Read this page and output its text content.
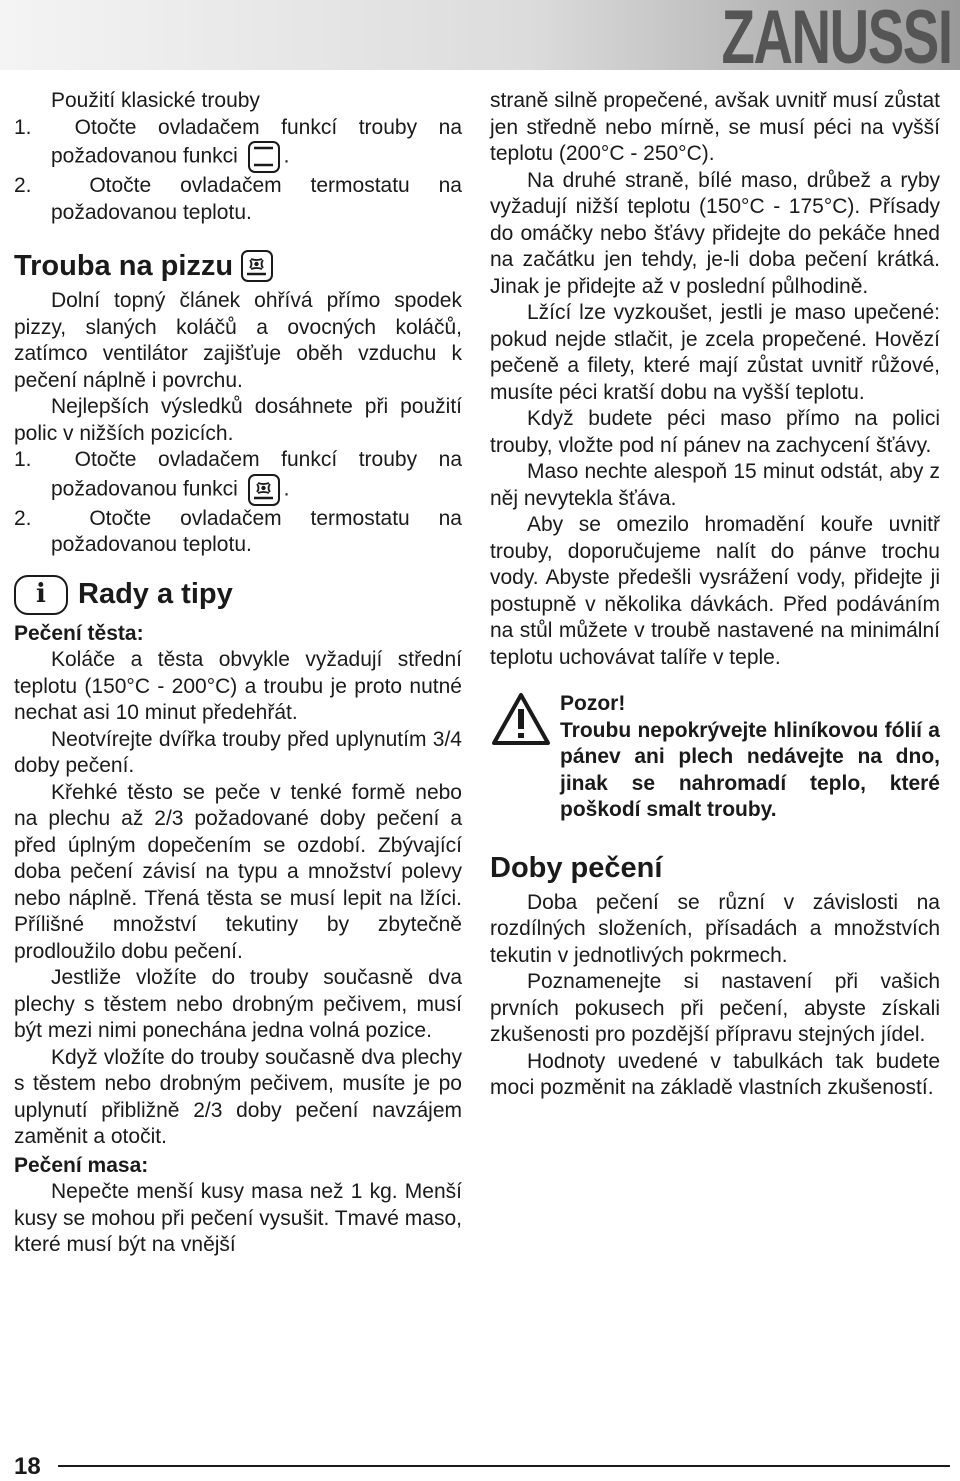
ZANUSSI

Použití klasické trouby

1. Otočte ovladačem funkcí trouby na požadovanou funkci .

2.	Otočte ovladačem termostatu na požadovanou teplotu.

Trouba na pizzu

Dolní topný článek ohřívá přímo spodek pizzy, slaných koláčů a ovocných koláčů, zatímco ventilátor zajišťuje oběh vzduchu k pečení náplně i povrchu.

Nejlepších výsledků dosáhnete při použití polic v nižších pozicích.

1. Otočte ovladačem funkcí trouby na požadovanou funkci .

2.	Otočte ovladačem termostatu na požadovanou teplotu.

i	Rady a tipy

Pečení těsta:

Koláče a těsta obvykle vyžadují střední teplotu (150°C - 200°C) a troubu je proto nutné nechat asi 10 minut předehřát.

Neotvírejte dvířka trouby před uplynutím 3/4 doby pečení.

Křehké těsto se peče v tenké formě nebo na plechu až 2/3 požadované doby pečení a před úplným dopečením se ozdobí. Zbývající doba pečení závisí na typu a množství polevy nebo náplně. Třená těsta se musí lepit na lžíci. Přílišné množství tekutiny by zbytečně prodloužilo dobu pečení.

Jestliže vložíte do trouby současně dva plechy s těstem nebo drobným pečivem, musí být mezi nimi ponechána jedna volná pozice.

Když vložíte do trouby současně dva plechy s těstem nebo drobným pečivem, musíte je po uplynutí přibližně 2/3 doby pečení navzájem zaměnit a otočit.

Pečení masa:

Nepečte menší kusy masa než 1 kg. Menší kusy se mohou při pečení vysušit. Tmavé maso, které musí být na vnější

straně silně propečené, avšak uvnitř musí zůstat jen středně nebo mírně, se musí péci na vyšší teplotu (200°C - 250°C).

Na druhé straně, bílé maso, drůbež a ryby vyžadují nižší teplotu (150°C - 175°C). Přísady do omáčky nebo šťávy přidejte do pekáče hned na začátku jen tehdy, je-li doba pečení krátká. Jinak je přidejte až v poslední půlhodině.

Lžící lze vyzkoušet, jestli je maso upečené: pokud nejde stlačit, je zcela propečené. Hovězí pečeně a filety, které mají zůstat uvnitř růžové, musíte péci kratší dobu na vyšší teplotu.

Když budete péci maso přímo na polici trouby, vložte pod ní pánev na zachycení šťávy.

Maso nechte alespoň 15 minut odstát, aby z něj nevytekla šťáva.

Aby se omezilo hromadění kouře uvnitř trouby, doporučujeme nalít do pánve trochu vody. Abyste předešli vysrážení vody, přidejte ji postupně v několika dávkách. Před podáváním na stůl můžete v troubě nastavené na minimální teplotu uchovávat talíře v teple.

Pozor!

Troubu nepokrývejte hliníkovou fólií a pánev ani plech nedávejte na dno, jinak se nahromadí teplo, které poškodí smalt trouby.

Doby pečení

Doba pečení se různí v závislosti na rozdílných složeních, přísadách a množstvích tekutin v jednotlivých pokrmech.

Poznamenejte si nastavení při vašich prvních pokusech při pečení, abyste získali zkušenosti pro pozdější přípravu stejných jídel.

Hodnoty uvedené v tabulkách tak budete moci pozměnit na základě vlastních zkušeností.

18
